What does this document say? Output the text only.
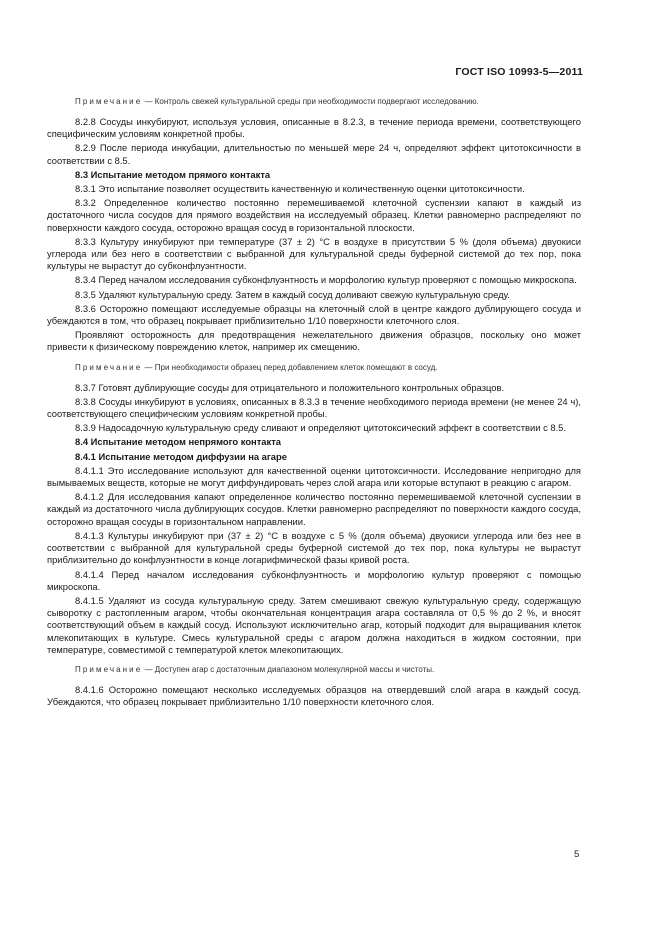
ГОСТ ISO 10993-5—2011

Примечание — Контроль свежей культуральной среды при необходимости подвергают исследованию.

8.2.8 Сосуды инкубируют, используя условия, описанные в 8.2.3, в течение периода времени, соответствующего специфическим условиям конкретной пробы.

8.2.9 После периода инкубации, длительностью по меньшей мере 24 ч, определяют эффект цитотоксичности в соответствии с 8.5.

8.3 Испытание методом прямого контакта

8.3.1 Это испытание позволяет осуществить качественную и количественную оценки цитотоксичности.

8.3.2 Определенное количество постоянно перемешиваемой клеточной суспензии капают в каждый из достаточного числа сосудов для прямого воздействия на исследуемый образец. Клетки равномерно распределяют по поверхности каждого сосуда, осторожно вращая сосуд в горизонтальной плоскости.

8.3.3 Культуру инкубируют при температуре (37 ± 2) °С в воздухе в присутствии 5 % (доля объема) двуокиси углерода или без него в соответствии с выбранной для культуральной среды буферной системой до тех пор, пока культуры не вырастут до субконфлуэнтности.

8.3.4 Перед началом исследования субконфлуэнтность и морфологию культур проверяют с помощью микроскопа.

8.3.5 Удаляют культуральную среду. Затем в каждый сосуд доливают свежую культуральную среду.

8.3.6 Осторожно помещают исследуемые образцы на клеточный слой в центре каждого дублирующего сосуда и убеждаются в том, что образец покрывает приблизительно 1/10 поверхности клеточного слоя.

Проявляют осторожность для предотвращения нежелательного движения образцов, поскольку оно может привести к физическому повреждению клеток, например их смещению.

Примечание — При необходимости образец перед добавлением клеток помещают в сосуд.

8.3.7 Готовят дублирующие сосуды для отрицательного и положительного контрольных образцов.

8.3.8 Сосуды инкубируют в условиях, описанных в 8.3.3 в течение необходимого периода времени (не менее 24 ч), соответствующего специфическим условиям конкретной пробы.

8.3.9 Надосадочную культуральную среду сливают и определяют цитотоксический эффект в соответствии с 8.5.

8.4 Испытание методом непрямого контакта

8.4.1 Испытание методом диффузии на агаре

8.4.1.1 Это исследование используют для качественной оценки цитотоксичности. Исследование непригодно для вымываемых веществ, которые не могут диффундировать через слой агара или которые вступают в реакцию с агаром.

8.4.1.2 Для исследования капают определенное количество постоянно перемешиваемой клеточной суспензии в каждый из достаточного числа дублирующих сосудов. Клетки равномерно распределяют по поверхности каждого сосуда, осторожно вращая сосуды в горизонтальном направлении.

8.4.1.3 Культуры инкубируют при (37 ± 2) °С в воздухе с 5 % (доля объема) двуокиси углерода или без нее в соответствии с выбранной для культуральной среды буферной системой до тех пор, пока культуры не вырастут приблизительно до конфлуэнтности в конце логарифмической фазы кривой роста.

8.4.1.4 Перед началом исследования субконфлуэнтность и морфологию культур проверяют с помощью микроскопа.

8.4.1.5 Удаляют из сосуда культуральную среду. Затем смешивают свежую культуральную среду, содержащую сыворотку с растопленным агаром, чтобы окончательная концентрация агара составляла от 0,5 % до 2 %, и вносят соответствующий объем в каждый сосуд. Используют исключительно агар, который подходит для выращивания клеток млекопитающих в культуре. Смесь культуральной среды с агаром должна находиться в жидком состоянии, при температуре, совместимой с температурой клеток млекопитающих.

Примечание — Доступен агар с достаточным диапазоном молекулярной массы и чистоты.

8.4.1.6 Осторожно помещают несколько исследуемых образцов на отвердевший слой агара в каждый сосуд. Убеждаются, что образец покрывает приблизительно 1/10 поверхности клеточного слоя.

5
